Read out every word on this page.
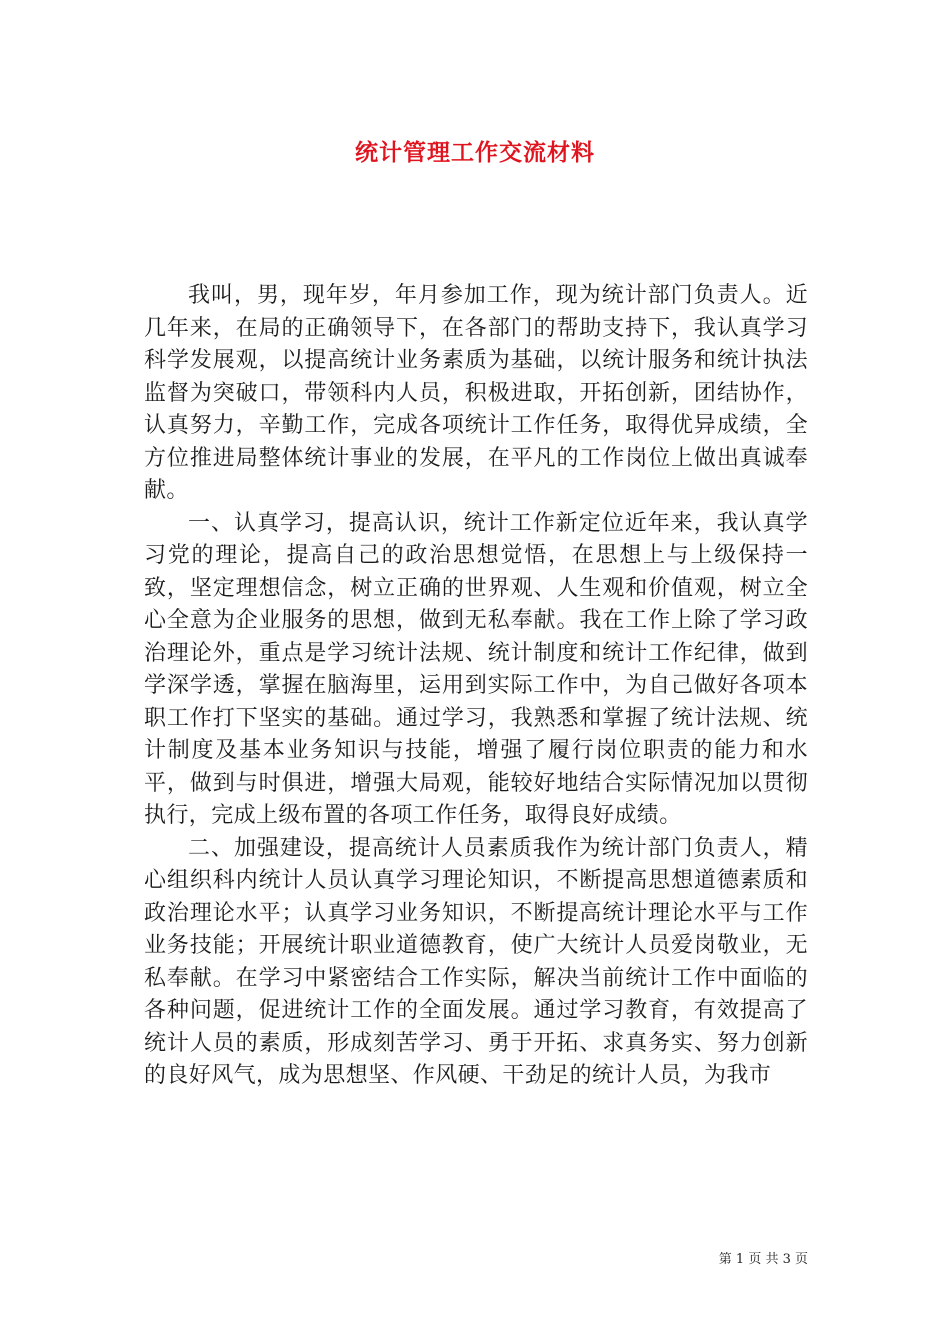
统计管理工作交流材料

我叫，男，现年岁，年月参加工作，现为统计部门负责人。近几年来，在局的正确领导下，在各部门的帮助支持下，我认真学习科学发展观，以提高统计业务素质为基础，以统计服务和统计执法监督为突破口，带领科内人员，积极进取，开拓创新，团结协作，认真努力，辛勤工作，完成各项统计工作任务，取得优异成绩，全方位推进局整体统计事业的发展，在平凡的工作岗位上做出真诚奉献。

一、认真学习，提高认识，统计工作新定位近年来，我认真学习党的理论，提高自己的政治思想觉悟，在思想上与上级保持一致，坚定理想信念，树立正确的世界观、人生观和价值观，树立全心全意为企业服务的思想，做到无私奉献。我在工作上除了学习政治理论外，重点是学习统计法规、统计制度和统计工作纪律，做到学深学透，掌握在脑海里，运用到实际工作中，为自己做好各项本职工作打下坚实的基础。通过学习，我熟悉和掌握了统计法规、统计制度及基本业务知识与技能，增强了履行岗位职责的能力和水平，做到与时俱进，增强大局观，能较好地结合实际情况加以贯彻执行，完成上级布置的各项工作任务，取得良好成绩。

二、加强建设，提高统计人员素质我作为统计部门负责人，精心组织科内统计人员认真学习理论知识，不断提高思想道德素质和政治理论水平；认真学习业务知识，不断提高统计理论水平与工作业务技能；开展统计职业道德教育，使广大统计人员爱岗敬业，无私奉献。在学习中紧密结合工作实际，解决当前统计工作中面临的各种问题，促进统计工作的全面发展。通过学习教育，有效提高了统计人员的素质，形成刻苦学习、勇于开拓、求真务实、努力创新的良好风气，成为思想坚、作风硬、干劲足的统计人员，为我市

第 1 页 共 3 页
